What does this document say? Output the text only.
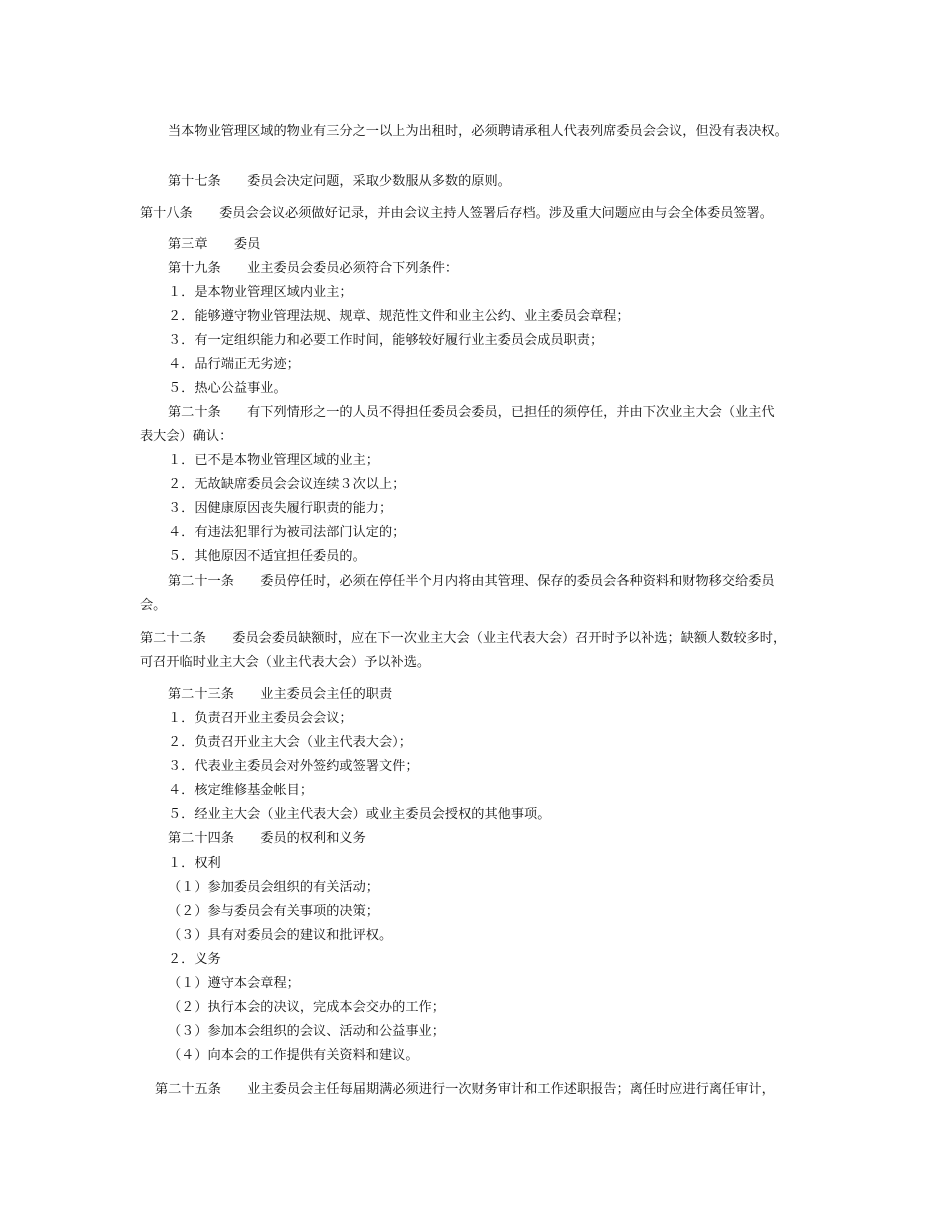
当本物业管理区域的物业有三分之一以上为出租时，必须聘请承租人代表列席委员会会议，但没有表决权。
第十七条　　委员会决定问题，采取少数服从多数的原则。
第十八条　　委员会会议必须做好记录，并由会议主持人签署后存档。涉及重大问题应由与会全体委员签署。
第三章　　委员
第十九条　　业主委员会委员必须符合下列条件：
１．是本物业管理区域内业主；
２．能够遵守物业管理法规、规章、规范性文件和业主公约、业主委员会章程；
３．有一定组织能力和必要工作时间，能够较好履行业主委员会成员职责；
４．品行端正无劣迹；
５．热心公益事业。
第二十条　　有下列情形之一的人员不得担任委员会委员，已担任的须停任，并由下次业主大会（业主代
表大会）确认：
１．已不是本物业管理区域的业主；
２．无故缺席委员会会议连续３次以上；
３．因健康原因丧失履行职责的能力；
４．有违法犯罪行为被司法部门认定的；
５．其他原因不适宜担任委员的。
第二十一条　　委员停任时，必须在停任半个月内将由其管理、保存的委员会各种资料和财物移交给委员
会。
第二十二条　　委员会委员缺额时，应在下一次业主大会（业主代表大会）召开时予以补选；缺额人数较多时，
可召开临时业主大会（业主代表大会）予以补选。
第二十三条　　业主委员会主任的职责
１．负责召开业主委员会会议；
２．负责召开业主大会（业主代表大会）；
３．代表业主委员会对外签约或签署文件；
４．核定维修基金帐目；
５．经业主大会（业主代表大会）或业主委员会授权的其他事项。
第二十四条　　委员的权利和义务
１．权利
（１）参加委员会组织的有关活动；
（２）参与委员会有关事项的决策；
（３）具有对委员会的建议和批评权。
２．义务
（１）遵守本会章程；
（２）执行本会的决议，完成本会交办的工作；
（３）参加本会组织的会议、活动和公益事业；
（４）向本会的工作提供有关资料和建议。
第二十五条　　业主委员会主任每届期满必须进行一次财务审计和工作述职报告；离任时应进行离任审计，
